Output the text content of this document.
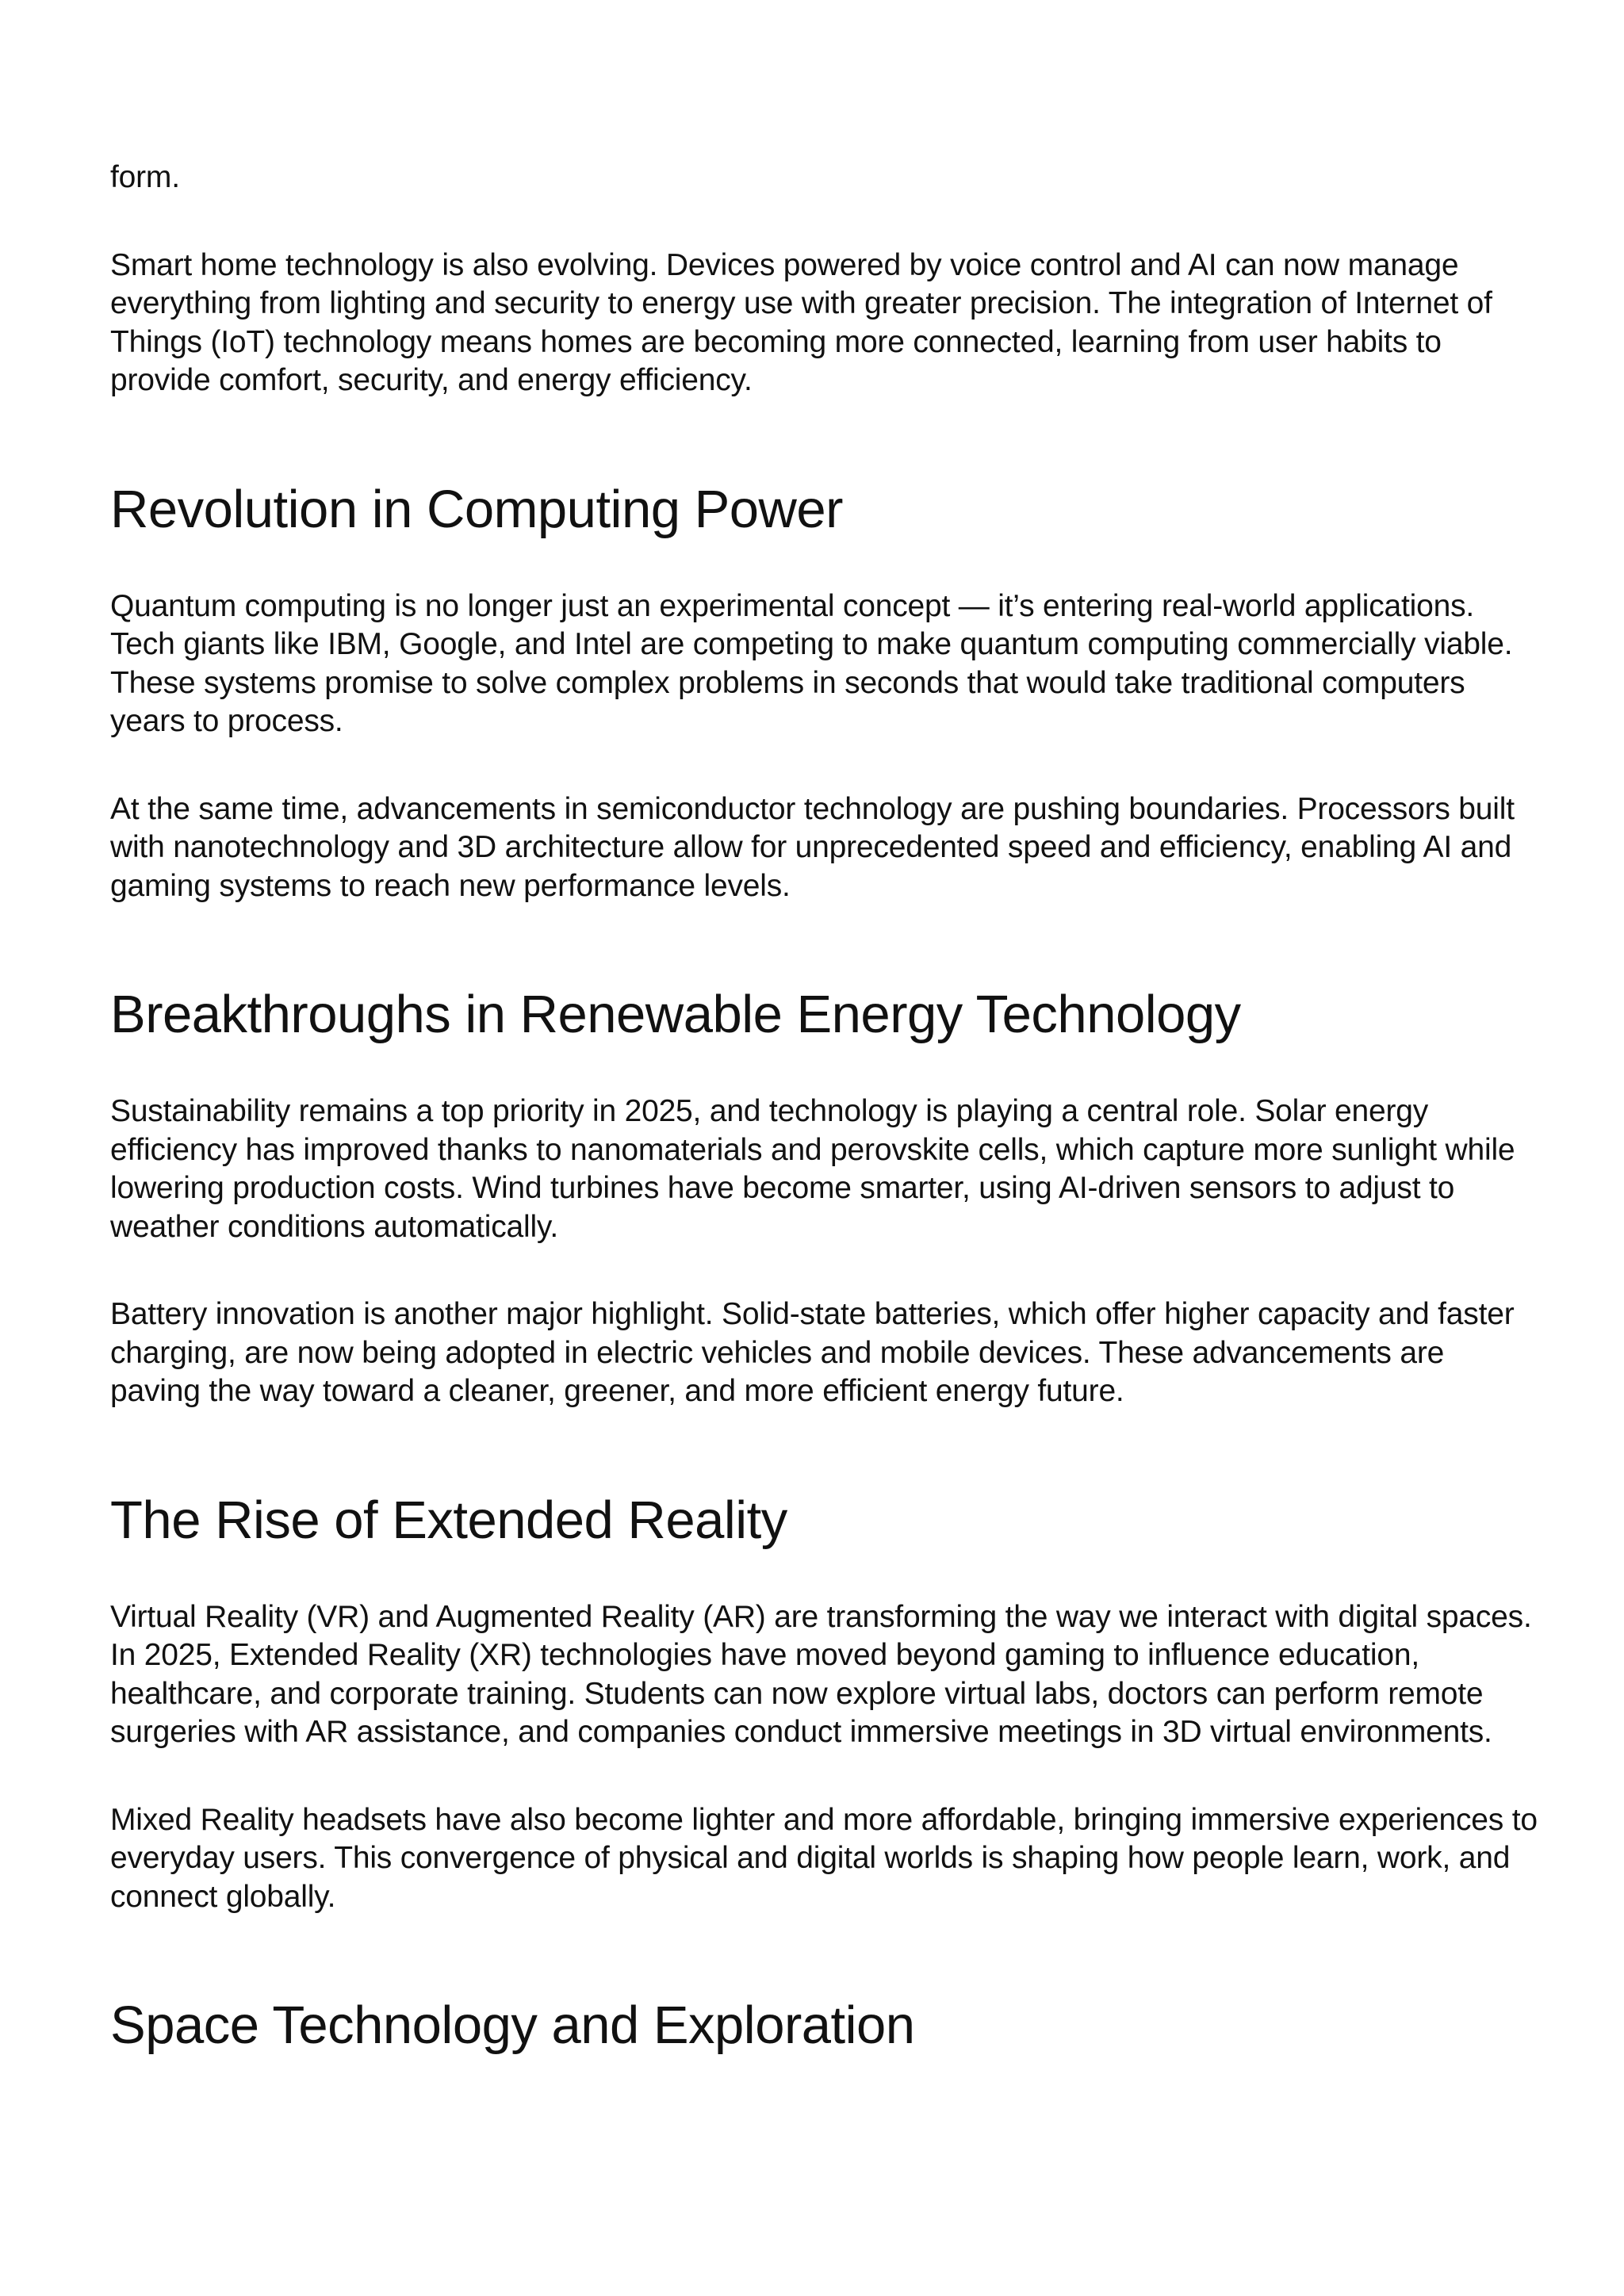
form.

Smart home technology is also evolving. Devices powered by voice control and AI can now manage everything from lighting and security to energy use with greater precision. The integration of Internet of Things (IoT) technology means homes are becoming more connected, learning from user habits to provide comfort, security, and energy efficiency.

Revolution in Computing Power

Quantum computing is no longer just an experimental concept — it’s entering real-world applications. Tech giants like IBM, Google, and Intel are competing to make quantum computing commercially viable. These systems promise to solve complex problems in seconds that would take traditional computers years to process.

At the same time, advancements in semiconductor technology are pushing boundaries. Processors built with nanotechnology and 3D architecture allow for unprecedented speed and efficiency, enabling AI and gaming systems to reach new performance levels.

Breakthroughs in Renewable Energy Technology

Sustainability remains a top priority in 2025, and technology is playing a central role. Solar energy efficiency has improved thanks to nanomaterials and perovskite cells, which capture more sunlight while lowering production costs. Wind turbines have become smarter, using AI-driven sensors to adjust to weather conditions automatically.

Battery innovation is another major highlight. Solid-state batteries, which offer higher capacity and faster charging, are now being adopted in electric vehicles and mobile devices. These advancements are paving the way toward a cleaner, greener, and more efficient energy future.

The Rise of Extended Reality

Virtual Reality (VR) and Augmented Reality (AR) are transforming the way we interact with digital spaces. In 2025, Extended Reality (XR) technologies have moved beyond gaming to influence education, healthcare, and corporate training. Students can now explore virtual labs, doctors can perform remote surgeries with AR assistance, and companies conduct immersive meetings in 3D virtual environments.

Mixed Reality headsets have also become lighter and more affordable, bringing immersive experiences to everyday users. This convergence of physical and digital worlds is shaping how people learn, work, and connect globally.

Space Technology and Exploration
